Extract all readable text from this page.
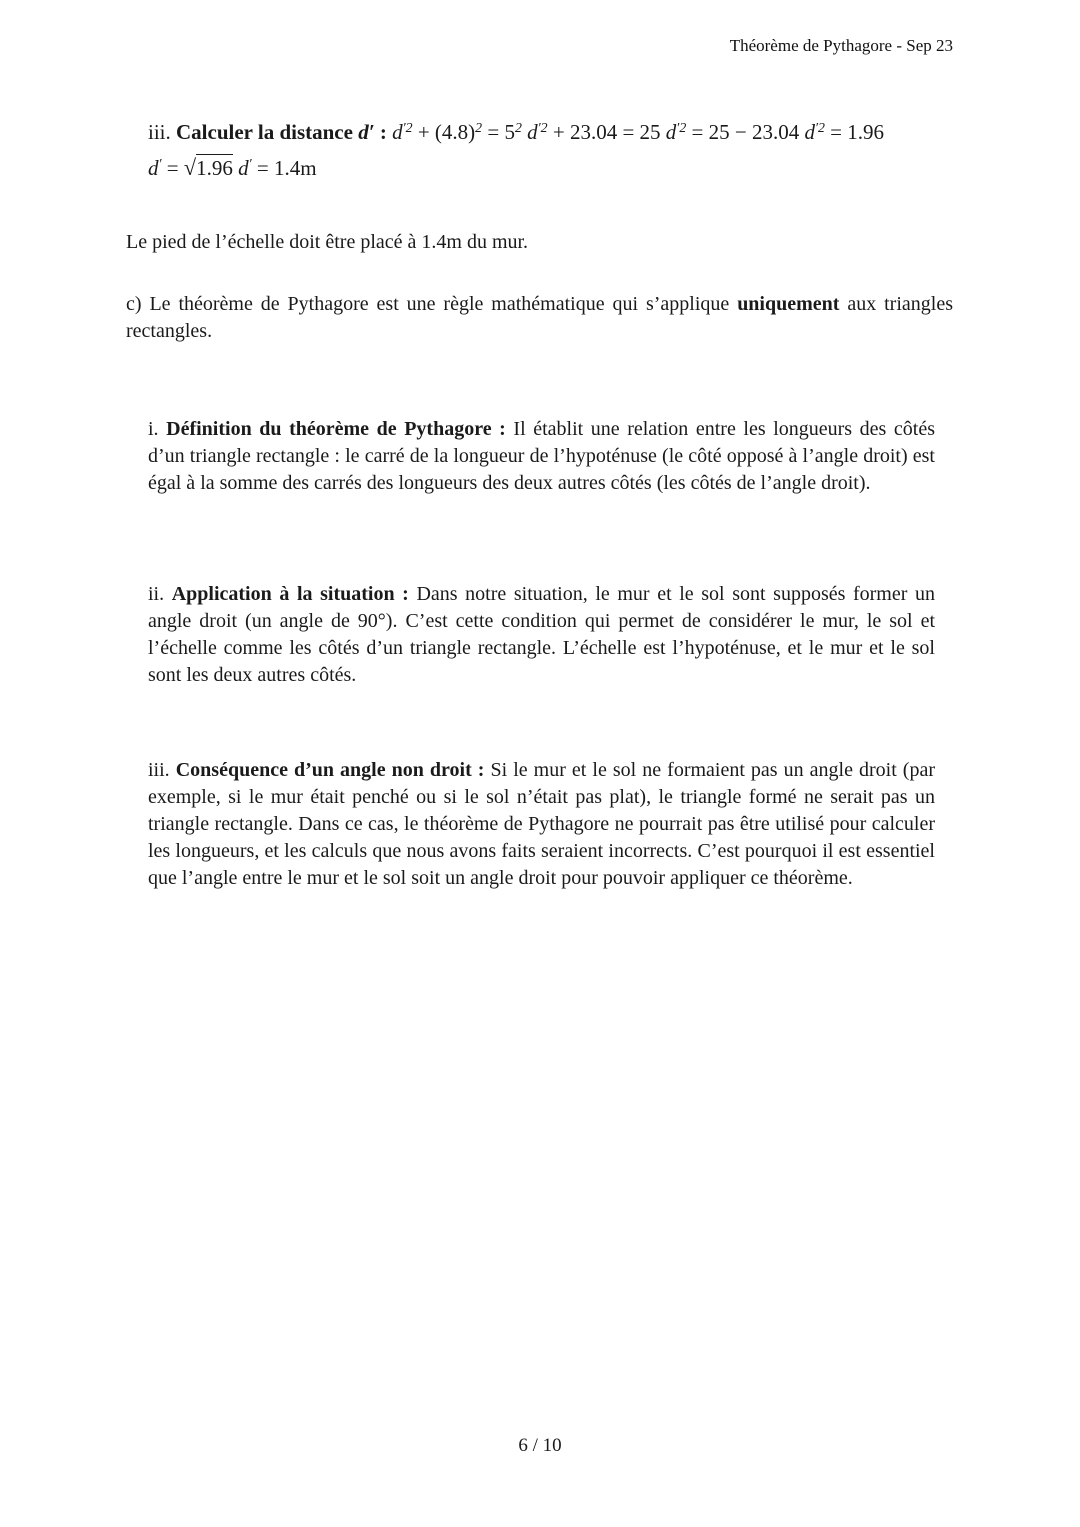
Théorème de Pythagore - Sep 23
iii. Calculer la distance d′ : $d^{'2} + (4.8)^2 = 5^2$ $d^{'2} + 23.04 = 25$ $d^{'2} = 25 - 23.04$ $d^{'2} = 1.96$
d′ = √1.96 d′ = 1.4m

Le pied de l’échelle doit être placé à 1.4m du mur.

c) Le théorème de Pythagore est une règle mathématique qui s’applique uniquement aux triangles rectangles.

i. Définition du théorème de Pythagore : Il établit une relation entre les longueurs des côtés d’un triangle rectangle : le carré de la longueur de l’hypoténuse (le côté opposé à l’angle droit) est égal à la somme des carrés des longueurs des deux autres côtés (les côtés de l’angle droit).

ii. Application à la situation : Dans notre situation, le mur et le sol sont supposés former un angle droit (un angle de 90°). C’est cette condition qui permet de considérer le mur, le sol et l’échelle comme les côtés d’un triangle rectangle. L’échelle est l’hypoténuse, et le mur et le sol sont les deux autres côtés.

iii. Conséquence d’un angle non droit : Si le mur et le sol ne formaient pas un angle droit (par exemple, si le mur était penché ou si le sol n’était pas plat), le triangle formé ne serait pas un triangle rectangle. Dans ce cas, le théorème de Pythagore ne pourrait pas être utilisé pour calculer les longueurs, et les calculs que nous avons faits seraient incorrects. C’est pourquoi il est essentiel que l’angle entre le mur et le sol soit un angle droit pour pouvoir appliquer ce théorème.

6 / 10
